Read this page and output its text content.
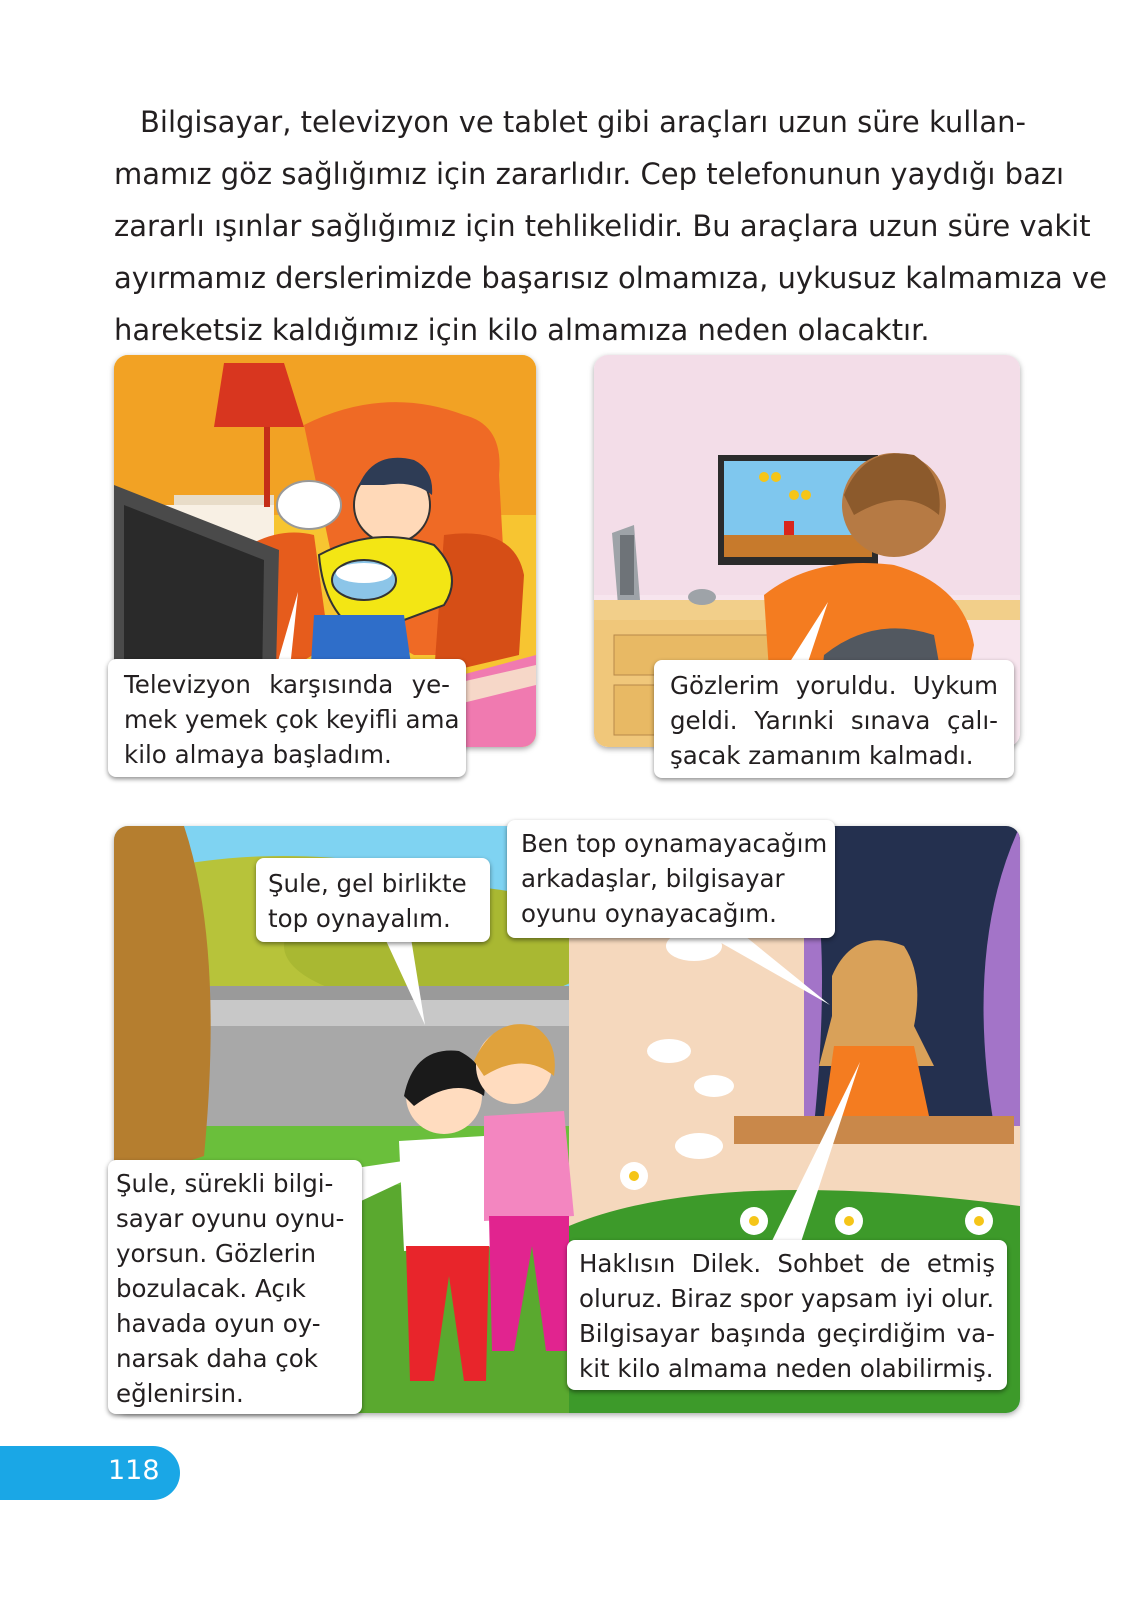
Bilgisayar, televizyon ve tablet gibi araçları uzun süre kullan-
mamız göz sağlığımız için zararlıdır. Cep telefonunun yaydığı bazı
zararlı ışınlar sağlığımız için tehlikelidir. Bu araçlara uzun süre vakit
ayırmamız derslerimizde başarısız olmamıza, uykusuz kalmamıza ve
hareketsiz kaldığımız için kilo almamıza neden olacaktır.
Televizyon karşısında ye-
mek yemek çok keyifli ama
kilo almaya başladım.
Gözlerim yoruldu. Uykum
geldi. Yarınki sınava çalı-
şacak zamanım kalmadı.
Şule, gel birlikte
top oynayalım.
Ben top oynamayacağım
arkadaşlar, bilgisayar
oyunu oynayacağım.
Şule, sürekli bilgi-
sayar oyunu oynu-
yorsun. Gözlerin
bozulacak. Açık
havada oyun oy-
narsak daha çok
eğlenirsin.
Haklısın Dilek. Sohbet de etmiş
oluruz. Biraz spor yapsam iyi olur.
Bilgisayar başında geçirdiğim va-
kit kilo almama neden olabilirmiş.
118
